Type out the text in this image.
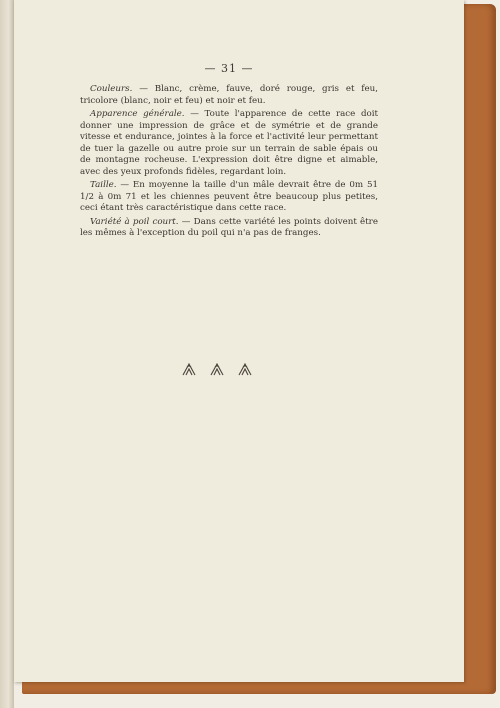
— 31 —

Couleurs. — Blanc, crème, fauve, doré rouge, gris et feu, tricolore (blanc, noir et feu) et noir et feu.

Apparence générale. — Toute l'apparence de cette race doit donner une impression de grâce et de symétrie et de grande vitesse et endurance, jointes à la force et l'activité leur permettant de tuer la gazelle ou autre proie sur un terrain de sable épais ou de montagne rocheuse. L'expression doit être digne et aimable, avec des yeux profonds fidèles, regardant loin.

Taille. — En moyenne la taille d'un mâle devrait être de 0m 51 1/2 à 0m 71 et les chiennes peuvent être beaucoup plus petites, ceci étant très caractéristique dans cette race.

Variété à poil court. — Dans cette variété les points doivent être les mêmes à l'exception du poil qui n'a pas de franges.
